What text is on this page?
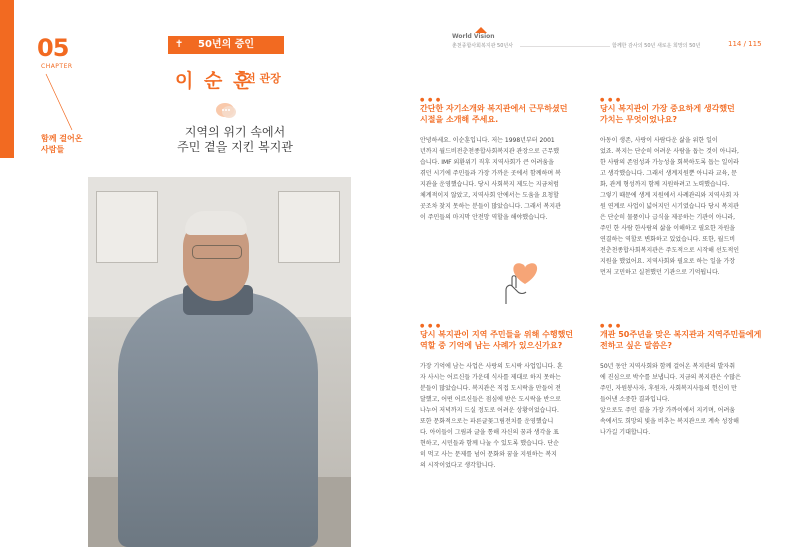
05
CHAPTER
함께 걸어온
사람들
✝ 50년의 증인
이 순 훈
전 관장
지역의 위기 속에서
주민 곁을 지킨 복지관
World Vision
춘천종합사회복지관 50년사	함께한 감사의 50년 새로운 희망의 50년	114 / 115
● ● ●
간단한 자기소개와 복지관에서 근무하셨던
시절을 소개해 주세요.
안녕하세요. 이순훈입니다. 저는 1998년부터 2001
년까지 월드비전춘천종합사회복지관 관장으로 근무했
습니다. IMF 외환위기 직후 지역사회가 큰 어려움을
겪던 시기에 주민들과 가장 가까운 곳에서 함께하며 복
지관을 운영했습니다. 당시 사회복지 제도는 지금처럼
체계적이지 않았고, 지역사회 안에서는 도움을 요청할
곳조차 찾지 못하는 분들이 많았습니다. 그래서 복지관
이 주민들의 마지막 안전망 역할을 해야했습니다.
● ● ●
당시 복지관이 지역 주민들을 위해 수행했던
역할 중 기억에 남는 사례가 있으신가요?
가장 기억에 남는 사업은 사랑의 도시락 사업입니다. 혼
자 사시는 어르신들 가운데 식사를 제대로 하지 못하는
분들이 많았습니다. 복지관은 직접 도시락을 만들어 전
달했고, 어떤 어르신들은 점심에 받은 도시락을 반으로
나누어 저녁까지 드실 정도로 어려운 상황이었습니다.
또한 문화적으로는 파른글꽃그림전치를 운영했습니
다. 아이들이 그림과 글을 통해 자신의 꿈과 생각을 표
현하고, 시민들과 함께 나눌 수 있도록 했습니다. 단순
히 먹고 사는 문제를 넘어 문화와 꿈을 지원하는 복지
의 시작이었다고 생각합니다.
● ● ●
당시 복지관이 가장 중요하게 생각했던
가치는 무엇이었나요?
아동이 생존, 사랑이 사람다운 삶을 위한 일이
었죠. 복지는 단순히 어려운 사람을 돕는 것이 아니라,
한 사람의 존엄성과 가능성을 회복하도록 돕는 일이라
고 생각했습니다. 그래서 생계지원뿐 아니라 교육, 문
화, 관계 형성까지 함께 지원하려고 노력했습니다.
그렇기 때문에 생계 지원에서 사례관리와 지역사회 자
원 연계로 사업이 넓어지던 시기였습니다 당시 복지관
은 단순히 물품이나 급식을 제공하는 기관이 아니라,
주민 한 사람 한사람의 삶을 이해하고 필요한 자원을
연결하는 역할로 변화하고 있었습니다. 또한, 월드비
전춘천종합사회복지관은 주도적으로 시작해 선도적인
지원을 했었어요. 지역사회와 필요로 하는 일을 가장
먼저 고민하고 실천했던 기관으로 기억됩니다.
● ● ●
개관 50주년을 맞은 복지관과 지역주민들에게
전하고 싶은 말씀은?
50년 동안 지역사회와 함께 걸어온 복지관의 발자취
에 진심으로 박수를 보냅니다. 지금의 복지관은 수많은
주민, 자원봉사자, 후원자, 사회복지사들의 헌신이 만
들어낸 소중한 결과입니다.
앞으로도 주민 곁을 가장 가까이에서 지키며, 어려움
속에서도 희망의 빛을 비추는 복지관으로 계속 성장해
나가길 기대합니다.
